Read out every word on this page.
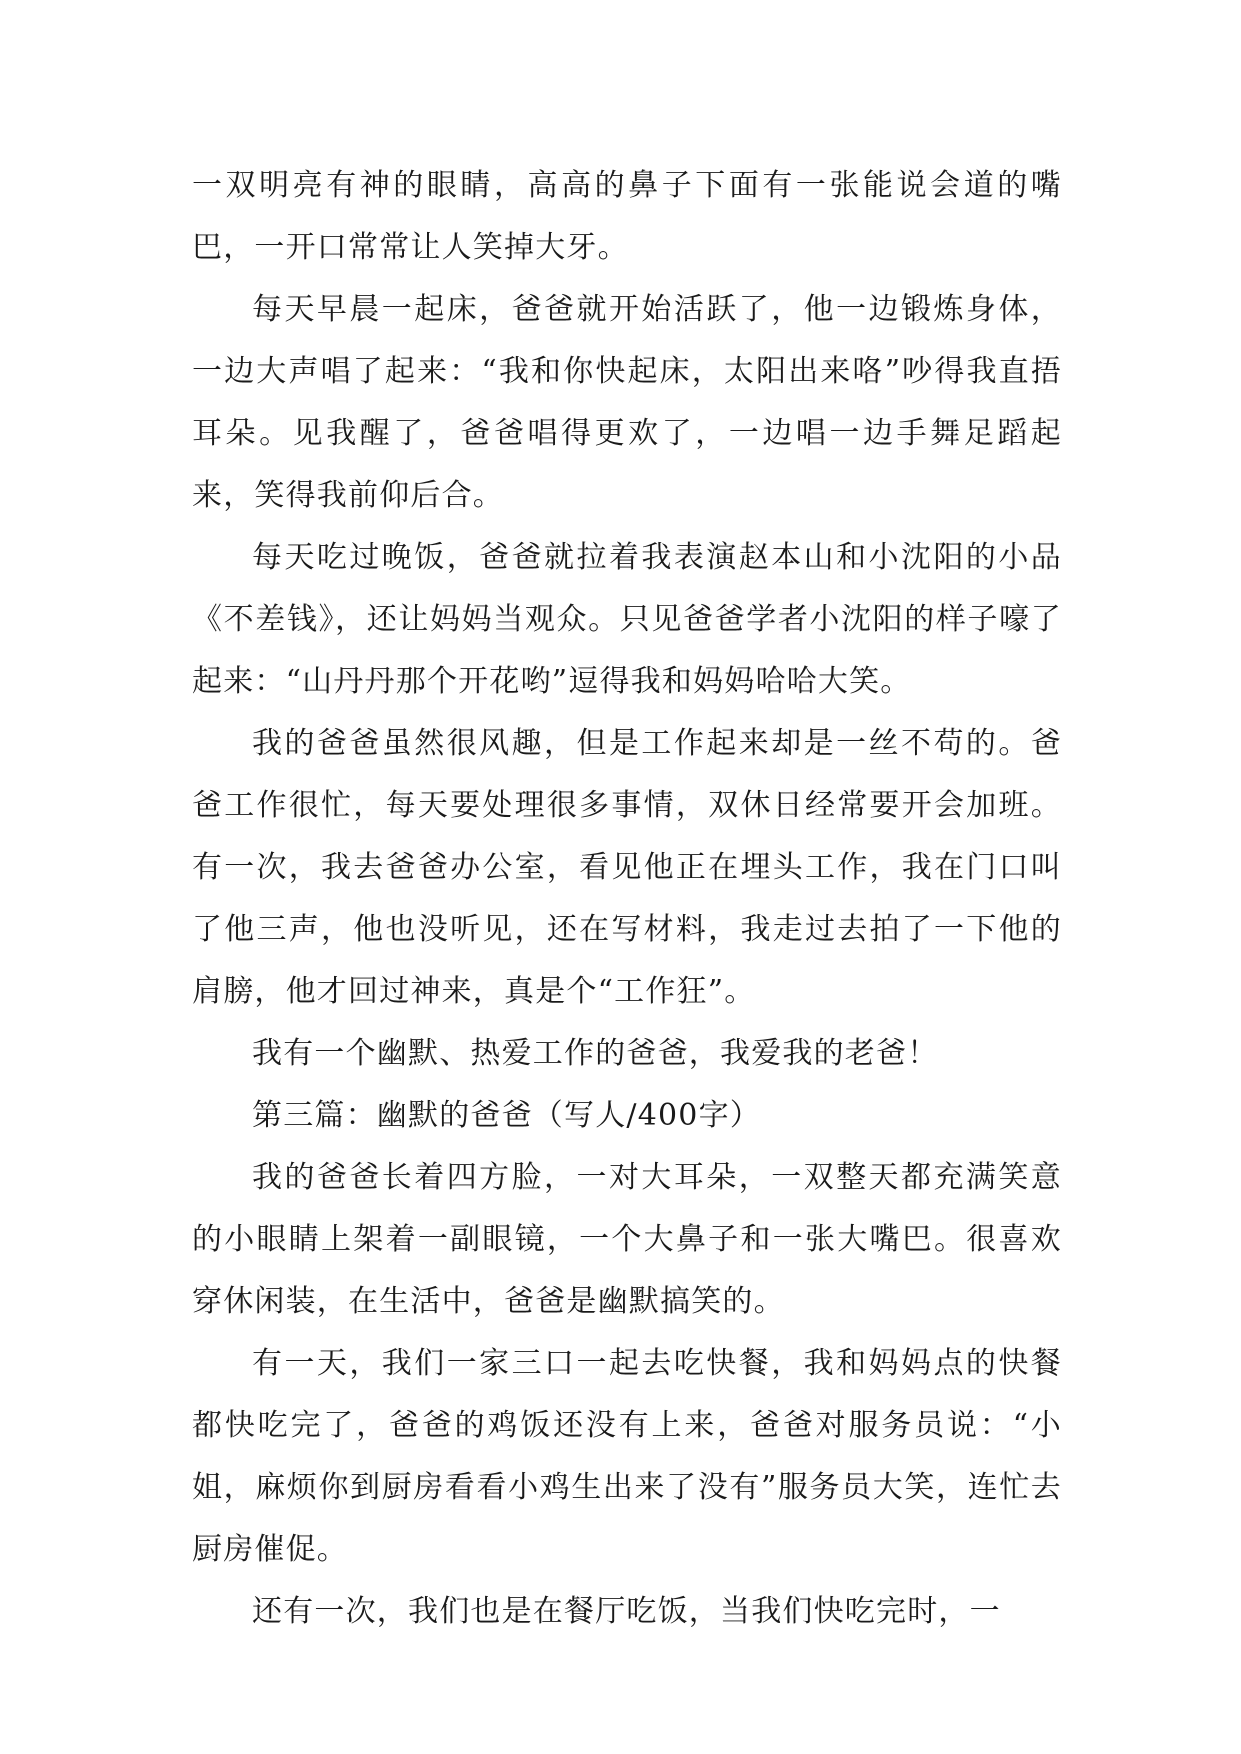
一双明亮有神的眼睛，高高的鼻子下面有一张能说会道的嘴巴，一开口常常让人笑掉大牙。

每天早晨一起床，爸爸就开始活跃了，他一边锻炼身体，一边大声唱了起来：“我和你快起床，太阳出来咯”吵得我直捂耳朵。见我醒了，爸爸唱得更欢了，一边唱一边手舞足蹈起来，笑得我前仰后合。

每天吃过晚饭，爸爸就拉着我表演赵本山和小沈阳的小品《不差钱》，还让妈妈当观众。只见爸爸学者小沈阳的样子嚎了起来：“山丹丹那个开花哟”逗得我和妈妈哈哈大笑。

我的爸爸虽然很风趣，但是工作起来却是一丝不苟的。爸爸工作很忙，每天要处理很多事情，双休日经常要开会加班。有一次，我去爸爸办公室，看见他正在埋头工作，我在门口叫了他三声，他也没听见，还在写材料，我走过去拍了一下他的肩膀，他才回过神来，真是个“工作狂”。

我有一个幽默、热爱工作的爸爸，我爱我的老爸！

第三篇：幽默的爸爸（写人/400字）

我的爸爸长着四方脸，一对大耳朵，一双整天都充满笑意的小眼睛上架着一副眼镜，一个大鼻子和一张大嘴巴。很喜欢穿休闲装，在生活中，爸爸是幽默搞笑的。

有一天，我们一家三口一起去吃快餐，我和妈妈点的快餐都快吃完了，爸爸的鸡饭还没有上来，爸爸对服务员说：“小姐，麻烦你到厨房看看小鸡生出来了没有”服务员大笑，连忙去厨房催促。

还有一次，我们也是在餐厅吃饭，当我们快吃完时，一
